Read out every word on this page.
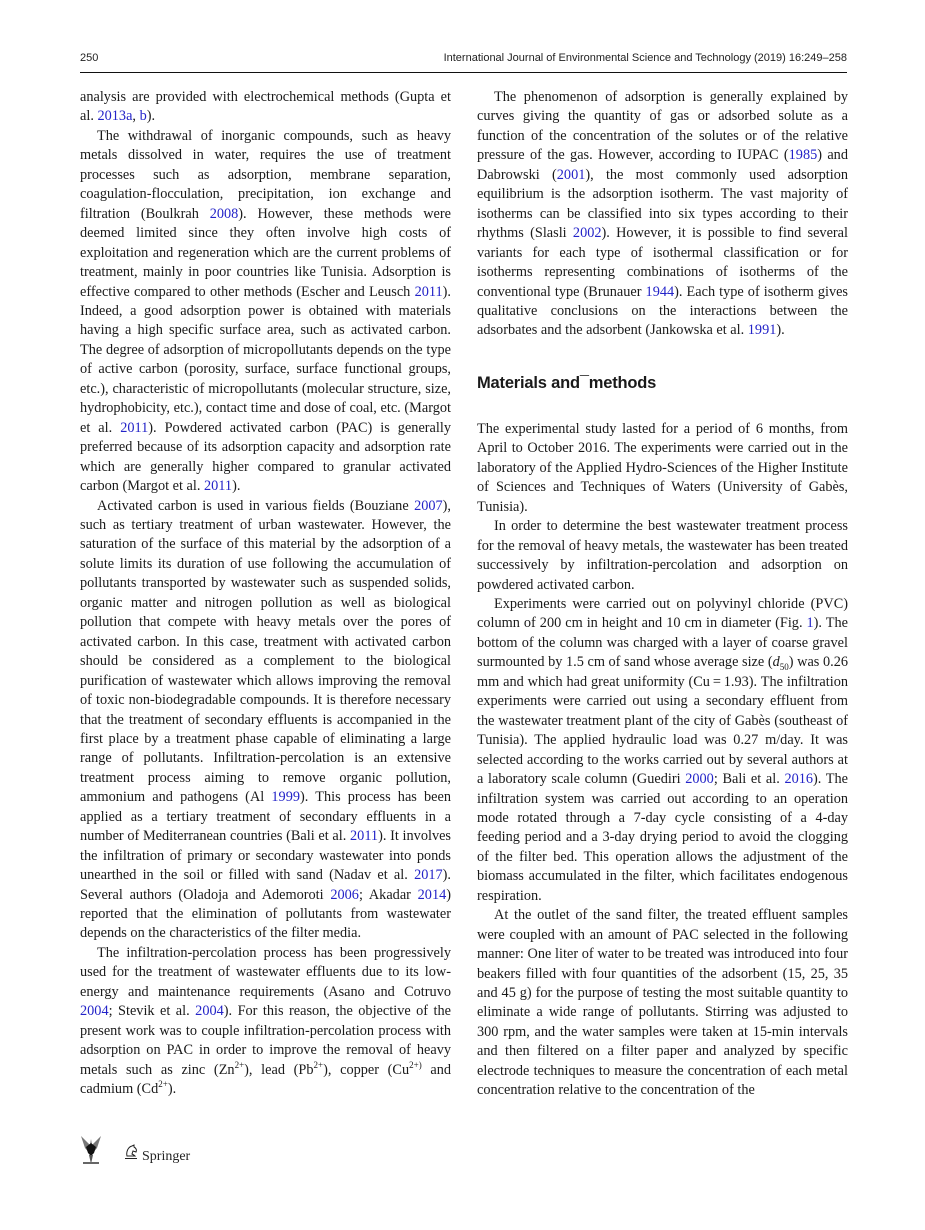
250	International Journal of Environmental Science and Technology (2019) 16:249–258

analysis are provided with electrochemical methods (Gupta et al. 2013a, b).

The withdrawal of inorganic compounds, such as heavy metals dissolved in water, requires the use of treatment processes such as adsorption, membrane separation, coagulation-flocculation, precipitation, ion exchange and filtration (Boulkrah 2008). However, these methods were deemed limited since they often involve high costs of exploitation and regeneration which are the current problems of treatment, mainly in poor countries like Tunisia. Adsorption is effective compared to other methods (Escher and Leusch 2011). Indeed, a good adsorption power is obtained with materials having a high specific surface area, such as activated carbon. The degree of adsorption of micropollutants depends on the type of active carbon (porosity, surface, surface functional groups, etc.), characteristic of micropollutants (molecular structure, size, hydrophobicity, etc.), contact time and dose of coal, etc. (Margot et al. 2011). Powdered activated carbon (PAC) is generally preferred because of its adsorption capacity and adsorption rate which are generally higher compared to granular activated carbon (Margot et al. 2011).

Activated carbon is used in various fields (Bouziane 2007), such as tertiary treatment of urban wastewater. However, the saturation of the surface of this material by the adsorption of a solute limits its duration of use following the accumulation of pollutants transported by wastewater such as suspended solids, organic matter and nitrogen pollution as well as biological pollution that compete with heavy metals over the pores of activated carbon. In this case, treatment with activated carbon should be considered as a complement to the biological purification of wastewater which allows improving the removal of toxic non-biodegradable compounds. It is therefore necessary that the treatment of secondary effluents is accompanied in the first place by a treatment phase capable of eliminating a large range of pollutants. Infiltration-percolation is an extensive treatment process aiming to remove organic pollution, ammonium and pathogens (Al 1999). This process has been applied as a tertiary treatment of secondary effluents in a number of Mediterranean countries (Bali et al. 2011). It involves the infiltration of primary or secondary wastewater into ponds unearthed in the soil or filled with sand (Nadav et al. 2017). Several authors (Oladoja and Ademoroti 2006; Akadar 2014) reported that the elimination of pollutants from wastewater depends on the characteristics of the filter media.

The infiltration-percolation process has been progressively used for the treatment of wastewater effluents due to its low-energy and maintenance requirements (Asano and Cotruvo 2004; Stevik et al. 2004). For this reason, the objective of the present work was to couple infiltration-percolation process with adsorption on PAC in order to improve the removal of heavy metals such as zinc $(Zn^{2+})$, lead $(Pb^{2+})$, copper ($Cu^{2+)}$ and cadmium $(Cd^{2+})$.

The phenomenon of adsorption is generally explained by curves giving the quantity of gas or adsorbed solute as a function of the concentration of the solutes or of the relative pressure of the gas. However, according to IUPAC (1985) and Dabrowski (2001), the most commonly used adsorption equilibrium is the adsorption isotherm. The vast majority of isotherms can be classified into six types according to their rhythms (Slasli 2002). However, it is possible to find several variants for each type of isothermal classification or for isotherms representing combinations of isotherms of the conventional type (Brunauer 1944). Each type of isotherm gives qualitative conclusions on the interactions between the adsorbates and the adsorbent (Jankowska et al. 1991).

Materials and¯methods

The experimental study lasted for a period of 6 months, from April to October 2016. The experiments were carried out in the laboratory of the Applied Hydro-Sciences of the Higher Institute of Sciences and Techniques of Waters (University of Gabès, Tunisia).

In order to determine the best wastewater treatment process for the removal of heavy metals, the wastewater has been treated successively by infiltration-percolation and adsorption on powdered activated carbon.

Experiments were carried out on polyvinyl chloride (PVC) column of 200 cm in height and 10 cm in diameter (Fig. 1). The bottom of the column was charged with a layer of coarse gravel surmounted by 1.5 cm of sand whose average size $(d_{50})$ was 0.26 mm and which had great uniformity (Cu = 1.93). The infiltration experiments were carried out using a secondary effluent from the wastewater treatment plant of the city of Gabès (southeast of Tunisia). The applied hydraulic load was 0.27 m/day. It was selected according to the works carried out by several authors at a laboratory scale column (Guediri 2000; Bali et al. 2016). The infiltration system was carried out according to an operation mode rotated through a 7-day cycle consisting of a 4-day feeding period and a 3-day drying period to avoid the clogging of the filter bed. This operation allows the adjustment of the biomass accumulated in the filter, which facilitates endogenous respiration.

At the outlet of the sand filter, the treated effluent samples were coupled with an amount of PAC selected in the following manner: One liter of water to be treated was introduced into four beakers filled with four quantities of the adsorbent (15, 25, 35 and 45 g) for the purpose of testing the most suitable quantity to eliminate a wide range of pollutants. Stirring was adjusted to 300 rpm, and the water samples were taken at 15-min intervals and then filtered on a filter paper and analyzed by specific electrode techniques to measure the concentration of each metal concentration relative to the concentration of the

Springer
